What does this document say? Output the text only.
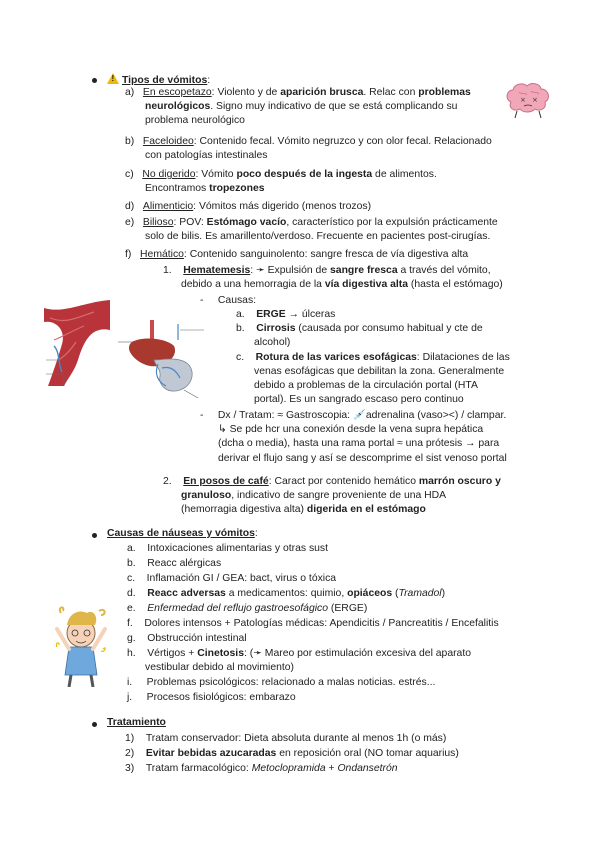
!Tipos de vómitos:
a) En escopetazo: Violento y de aparición brusca. Relac con problemas
neurológicos. Signo muy indicativo de que se está complicando su
problema neurológico
b) Faceloideo: Contenido fecal. Vómito negruzco y con olor fecal. Relacionado
con patologías intestinales
c) No digerido: Vómito poco después de la ingesta de alimentos.
Encontramos tropezones
d) Alimenticio: Vómitos más digerido (menos trozos)
e) Bilioso: POV: Estómago vacío, característico por la expulsión prácticamente
solo de bilis. Es amarillento/verdoso. Frecuente en pacientes post-cirugías.
f) Hemático: Contenido sanguinolento: sangre fresca de vía digestiva alta
1. Hematemesis: ➛ Expulsión de sangre fresca a través del vómito,
debido a una hemorragia de la vía digestiva alta (hasta el estómago)
-     Causas:
a. ERGE → úlceras
b. Cirrosis (causada por consumo habitual y cte de
alcohol)
c. Rotura de las varices esofágicas: Dilataciones de las
venas esofágicas que debilitan la zona. Generalmente
debido a problemas de la circulación portal (HTA
portal). Es un sangrado escaso pero continuo
-     Dx / Tratam: ≈ Gastroscopia: 💉adrenalina (vaso><) / clampar.
↳ Se pde hcr una conexión desde la vena supra hepática
(dcha o media), hasta una rama portal ≈ una prótesis → para
derivar el flujo sang y así se descomprime el sist venoso portal
2. En posos de café: Caract por contenido hemático marrón oscuro y
granuloso, indicativo de sangre proveniente de una HDA
(hemorragia digestiva alta) digerida en el estómago
Causas de náuseas y vómitos:
a. Intoxicaciones alimentarias y otras sust
b. Reacc alérgicas
c. Inflamación GI / GEA: bact, virus o tóxica
d. Reacc adversas a medicamentos: quimio, opiáceos (Tramadol)
e. Enfermedad del reflujo gastroesofágico (ERGE)
f. Dolores intensos + Patologías médicas: Apendicitis / Pancreatitis / Encefalitis
g. Obstrucción intestinal
h. Vértigos + Cinetosis: (➛ Mareo por estimulación excesiva del aparato
vestibular debido al movimiento)
i. Problemas psicológicos: relacionado a malas noticias. estrés...
j. Procesos fisiológicos: embarazo
Tratamiento
1) Tratam conservador: Dieta absoluta durante al menos 1h (o más)
2) Evitar bebidas azucaradas en reposición oral (NO tomar aquarius)
3) Tratam farmacológico: Metoclopramida + Ondansetrón
× ×
